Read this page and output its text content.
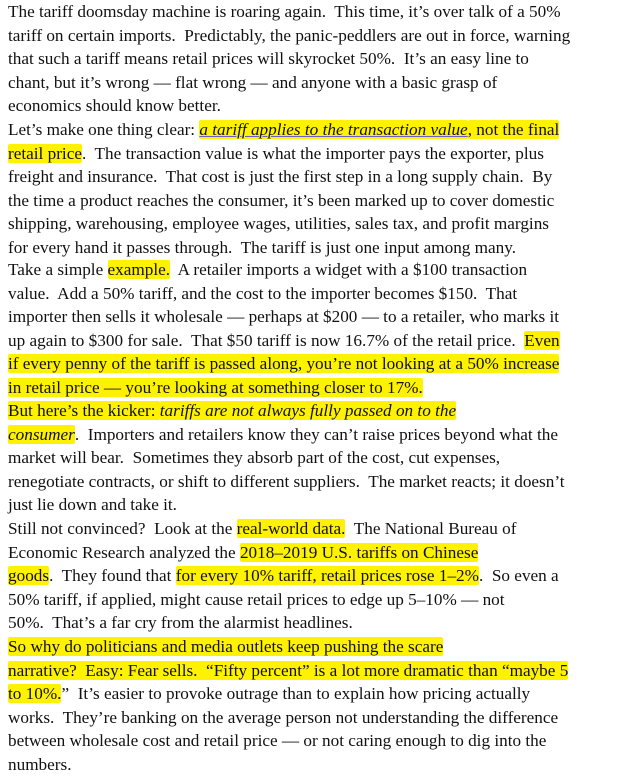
The tariff doomsday machine is roaring again.  This time, it’s over talk of a 50%
tariff on certain imports.  Predictably, the panic-peddlers are out in force, warning
that such a tariff means retail prices will skyrocket 50%.  It’s an easy line to
chant, but it’s wrong — flat wrong — and anyone with a basic grasp of
economics should know better.
Let’s make one thing clear: a tariff applies to the transaction value, not the final
retail price.  The transaction value is what the importer pays the exporter, plus
freight and insurance.  That cost is just the first step in a long supply chain.  By
the time a product reaches the consumer, it’s been marked up to cover domestic
shipping, warehousing, employee wages, utilities, sales tax, and profit margins
for every hand it passes through.  The tariff is just one input among many.
Take a simple example.  A retailer imports a widget with a $100 transaction
value.  Add a 50% tariff, and the cost to the importer becomes $150.  That
importer then sells it wholesale — perhaps at $200 — to a retailer, who marks it
up again to $300 for sale.  That $50 tariff is now 16.7% of the retail price.  Even
if every penny of the tariff is passed along, you’re not looking at a 50% increase
in retail price — you’re looking at something closer to 17%.
But here’s the kicker: tariffs are not always fully passed on to the
consumer.  Importers and retailers know they can’t raise prices beyond what the
market will bear.  Sometimes they absorb part of the cost, cut expenses,
renegotiate contracts, or shift to different suppliers.  The market reacts; it doesn’t
just lie down and take it.
Still not convinced?  Look at the real-world data.  The National Bureau of
Economic Research analyzed the 2018–2019 U.S. tariffs on Chinese
goods.  They found that for every 10% tariff, retail prices rose 1–2%.  So even a
50% tariff, if applied, might cause retail prices to edge up 5–10% — not
50%.  That’s a far cry from the alarmist headlines.
So why do politicians and media outlets keep pushing the scare
narrative?  Easy: Fear sells.  “Fifty percent” is a lot more dramatic than “maybe 5
to 10%.”  It’s easier to provoke outrage than to explain how pricing actually
works.  They’re banking on the average person not understanding the difference
between wholesale cost and retail price — or not caring enough to dig into the
numbers.
